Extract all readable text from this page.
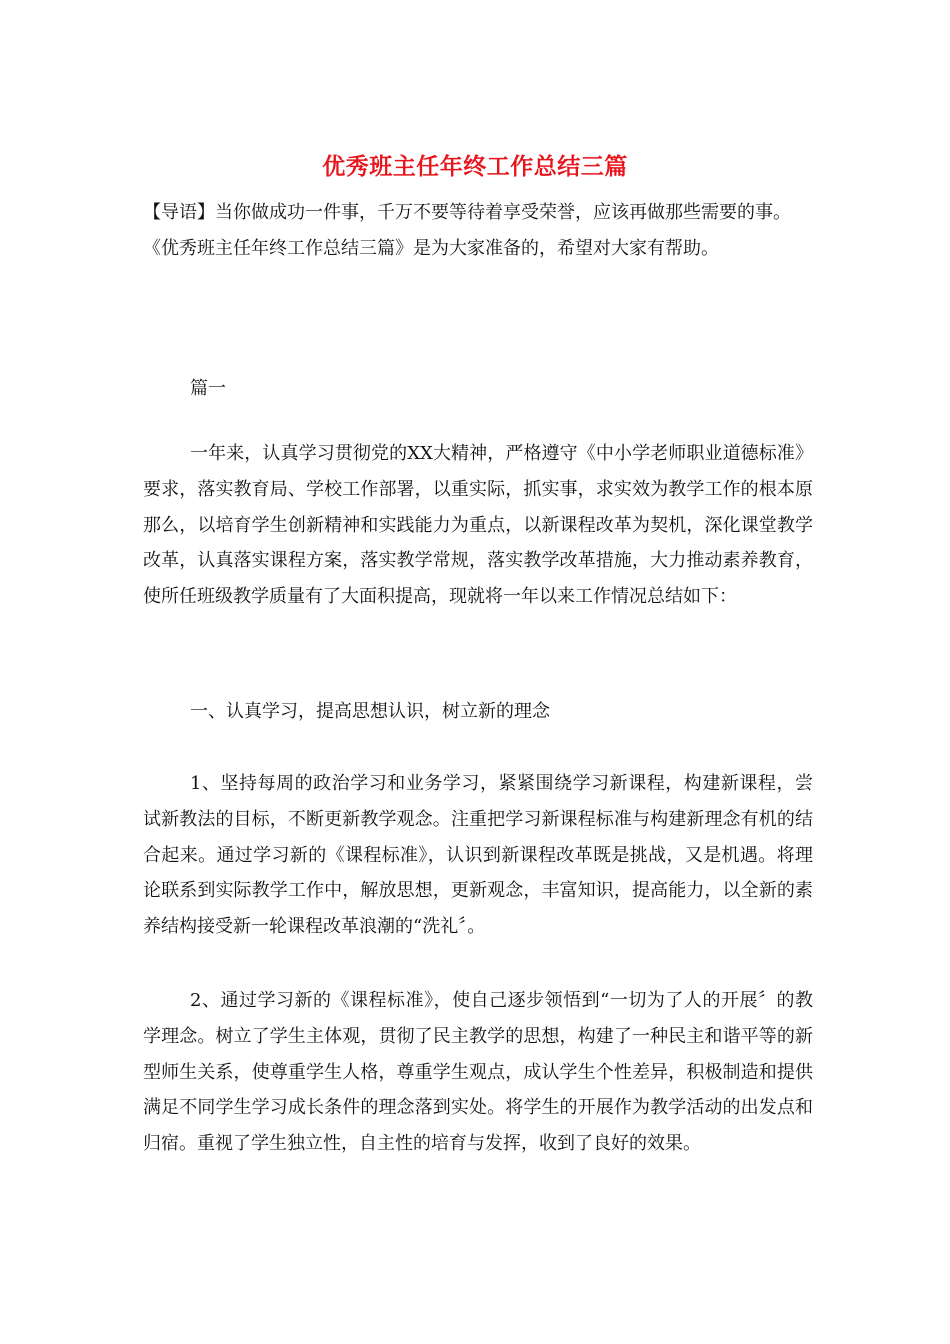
优秀班主任年终工作总结三篇

【导语】当你做成功一件事，千万不要等待着享受荣誉，应该再做那些需要的事。《优秀班主任年终工作总结三篇》是为大家准备的，希望对大家有帮助。

篇一

一年来，认真学习贯彻党的XX大精神，严格遵守《中小学老师职业道德标准》要求，落实教育局、学校工作部署，以重实际，抓实事，求实效为教学工作的根本原那么，以培育学生创新精神和实践能力为重点，以新课程改革为契机，深化课堂教学改革，认真落实课程方案，落实教学常规，落实教学改革措施，大力推动素养教育，使所任班级教学质量有了大面积提高，现就将一年以来工作情况总结如下：

一、认真学习，提高思想认识，树立新的理念

1、坚持每周的政治学习和业务学习，紧紧围绕学习新课程，构建新课程，尝试新教法的目标，不断更新教学观念。注重把学习新课程标准与构建新理念有机的结合起来。通过学习新的《课程标准》，认识到新课程改革既是挑战，又是机遇。将理论联系到实际教学工作中，解放思想，更新观念，丰富知识，提高能力，以全新的素养结构接受新一轮课程改革浪潮的“洗礼〞。

2、通过学习新的《课程标准》，使自己逐步领悟到“一切为了人的开展〞的教学理念。树立了学生主体观，贯彻了民主教学的思想，构建了一种民主和谐平等的新型师生关系，使尊重学生人格，尊重学生观点，成认学生个性差异，积极制造和提供满足不同学生学习成长条件的理念落到实处。将学生的开展作为教学活动的出发点和归宿。重视了学生独立性，自主性的培育与发挥，收到了良好的效果。
